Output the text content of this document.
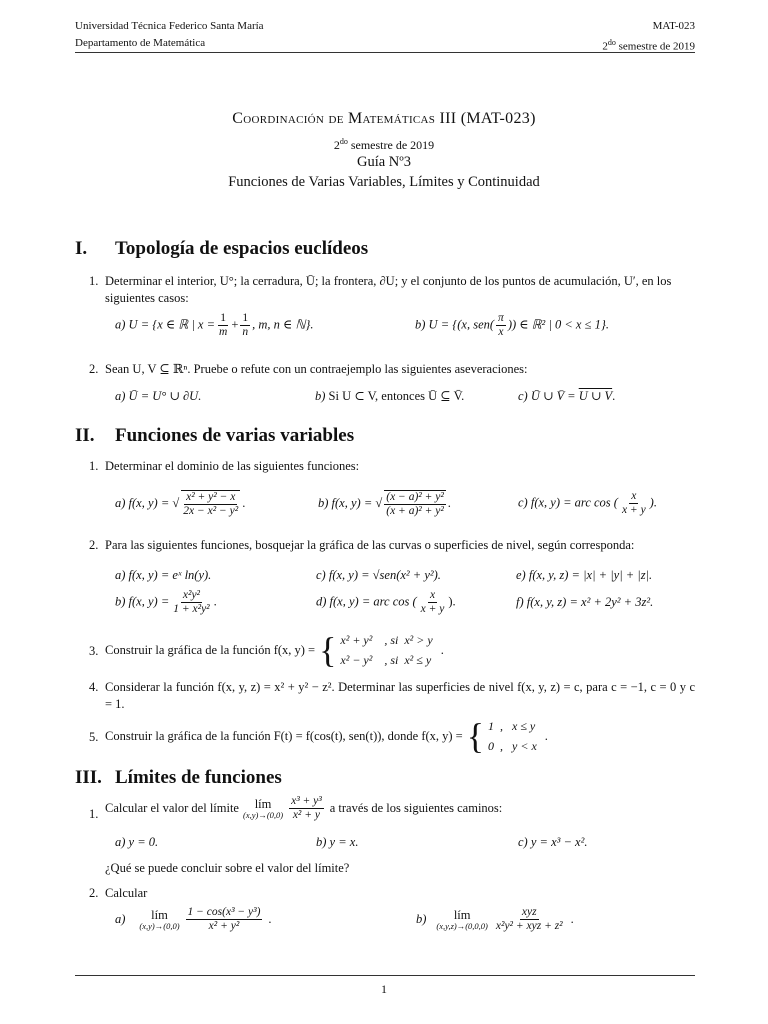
Universidad Técnica Federico Santa María
Departamento de Matemática
MAT-023
$2^{do}$ semestre de 2019
Coordinación de Matemáticas III (MAT-023)
$2^{do}$ semestre de 2019
Guía Nº3
Funciones de Varias Variables, Límites y Continuidad
I. Topología de espacios euclídeos
1. Determinar el interior, U°; la cerradura, Ū; la frontera, ∂U; y el conjunto de los puntos de acumulación, U′, en los siguientes casos:
a) U = {x ∈ ℝ | $x = \frac{1}{m} + \frac{1}{n}$ , m, n ∈ ℕ}.	b) U = {(x, $sen( \frac{\pi}{x}$ )) ∈ ℝ² | 0 < x ≤ 1}.
2. Sean U, V ⊆ ℝⁿ. Pruebe o refute con un contraejemplo las siguientes aseveraciones:
a) Ū = U° ∪ ∂U.	b) Si U ⊂ V, entonces Ū ⊆ V̄.	c) Ū ∪ V̄ = U ∪ V.
II. Funciones de varias variables
1. Determinar el dominio de las siguientes funciones:
a) f(x, y) = √ $\frac{\text{x² + y² − x}}{\text{2x − x² − y²}}$ .	b) f(x, y) = √ $\frac{\text{(x − a)² + y²}}{\text{(x + a)² + y²}}$ .	c) f(x, y) = arc cos ( $\frac{x}{x + y}$ ).
2. Para las siguientes funciones, bosquejar la gráfica de las curvas o superficies de nivel, según corresponda:
a) f(x, y) = eˣ ln(y).	c) f(x, y) = √sen(x² + y²).	e) f(x, y, z) = |x| + |y| + |z|.
b) f(x, $y) = \frac{\text{x²y²}}{\text{1 + x²y²}}$ .	d) f(x, y) = arc cos ( $\frac{x}{x + y}$ ).	f) f(x, y, z) = x² + 2y² + 3z².
3. Construir la gráfica de la función f(x, y) = { x² + y²    , si  x² > y
x² − y²    , si  x² ≤ y
.
4. Considerar la función f(x, y, z) = x² + y² − z². Determinar las superficies de nivel f(x, y, z) = c, para c = −1, c = 0 y c = 1.
5. Construir la gráfica de la función F(t) = f(cos(t), sen(t)), donde f(x, y) = { 1  ,   x ≤ y
0  ,   y < x
.
III. Límites de funciones
1. Calcular el valor del límite lím
$(x,y)\to(0,0) \frac{\text{x³ + y³}}{\text{x² + y}}$ a través de los siguientes caminos:
a) y = 0.	b) y = x.	c) y = x³ − x².
¿Qué se puede concluir sobre el valor del límite?
2. Calcular
a) lím
$(x,y)\to(0,0) \frac{\text{1 − cos(x³ − y³)}}{\text{x² + y²}}$ .	b) lím
$(x,y,z)\to(0,0,0) \frac{\text{xyz}}{\text{x²y² + xyz + z²}}$ .
1
